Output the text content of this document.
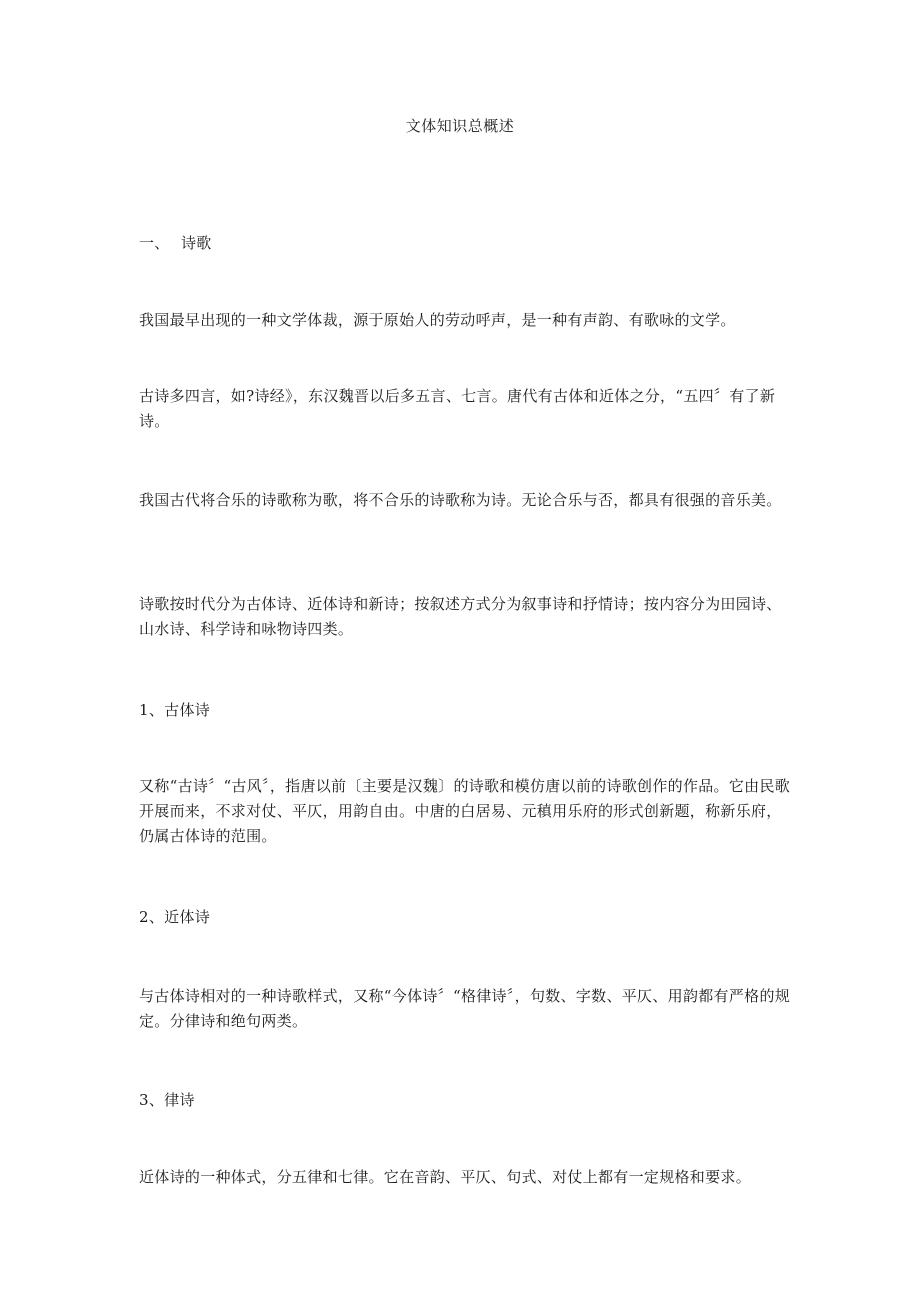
文体知识总概述
一、 诗歌

我国最早出现的一种文学体裁，源于原始人的劳动呼声，是一种有声韵、有歌咏的文学。

古诗多四言，如?诗经》，东汉魏晋以后多五言、七言。唐代有古体和近体之分，“五四〞有了新诗。

我国古代将合乐的诗歌称为歌，将不合乐的诗歌称为诗。无论合乐与否，都具有很强的音乐美。

诗歌按时代分为古体诗、近体诗和新诗；按叙述方式分为叙事诗和抒情诗；按内容分为田园诗、山水诗、科学诗和咏物诗四类。

1、古体诗

又称“古诗〞“古风〞，指唐以前〔主要是汉魏〕的诗歌和模仿唐以前的诗歌创作的作品。它由民歌开展而来，不求对仗、平仄，用韵自由。中唐的白居易、元稹用乐府的形式创新题，称新乐府，仍属古体诗的范围。

2、近体诗

与古体诗相对的一种诗歌样式，又称“今体诗〞“格律诗〞，句数、字数、平仄、用韵都有严格的规定。分律诗和绝句两类。

3、律诗

近体诗的一种体式，分五律和七律。它在音韵、平仄、句式、对仗上都有一定规格和要求。
